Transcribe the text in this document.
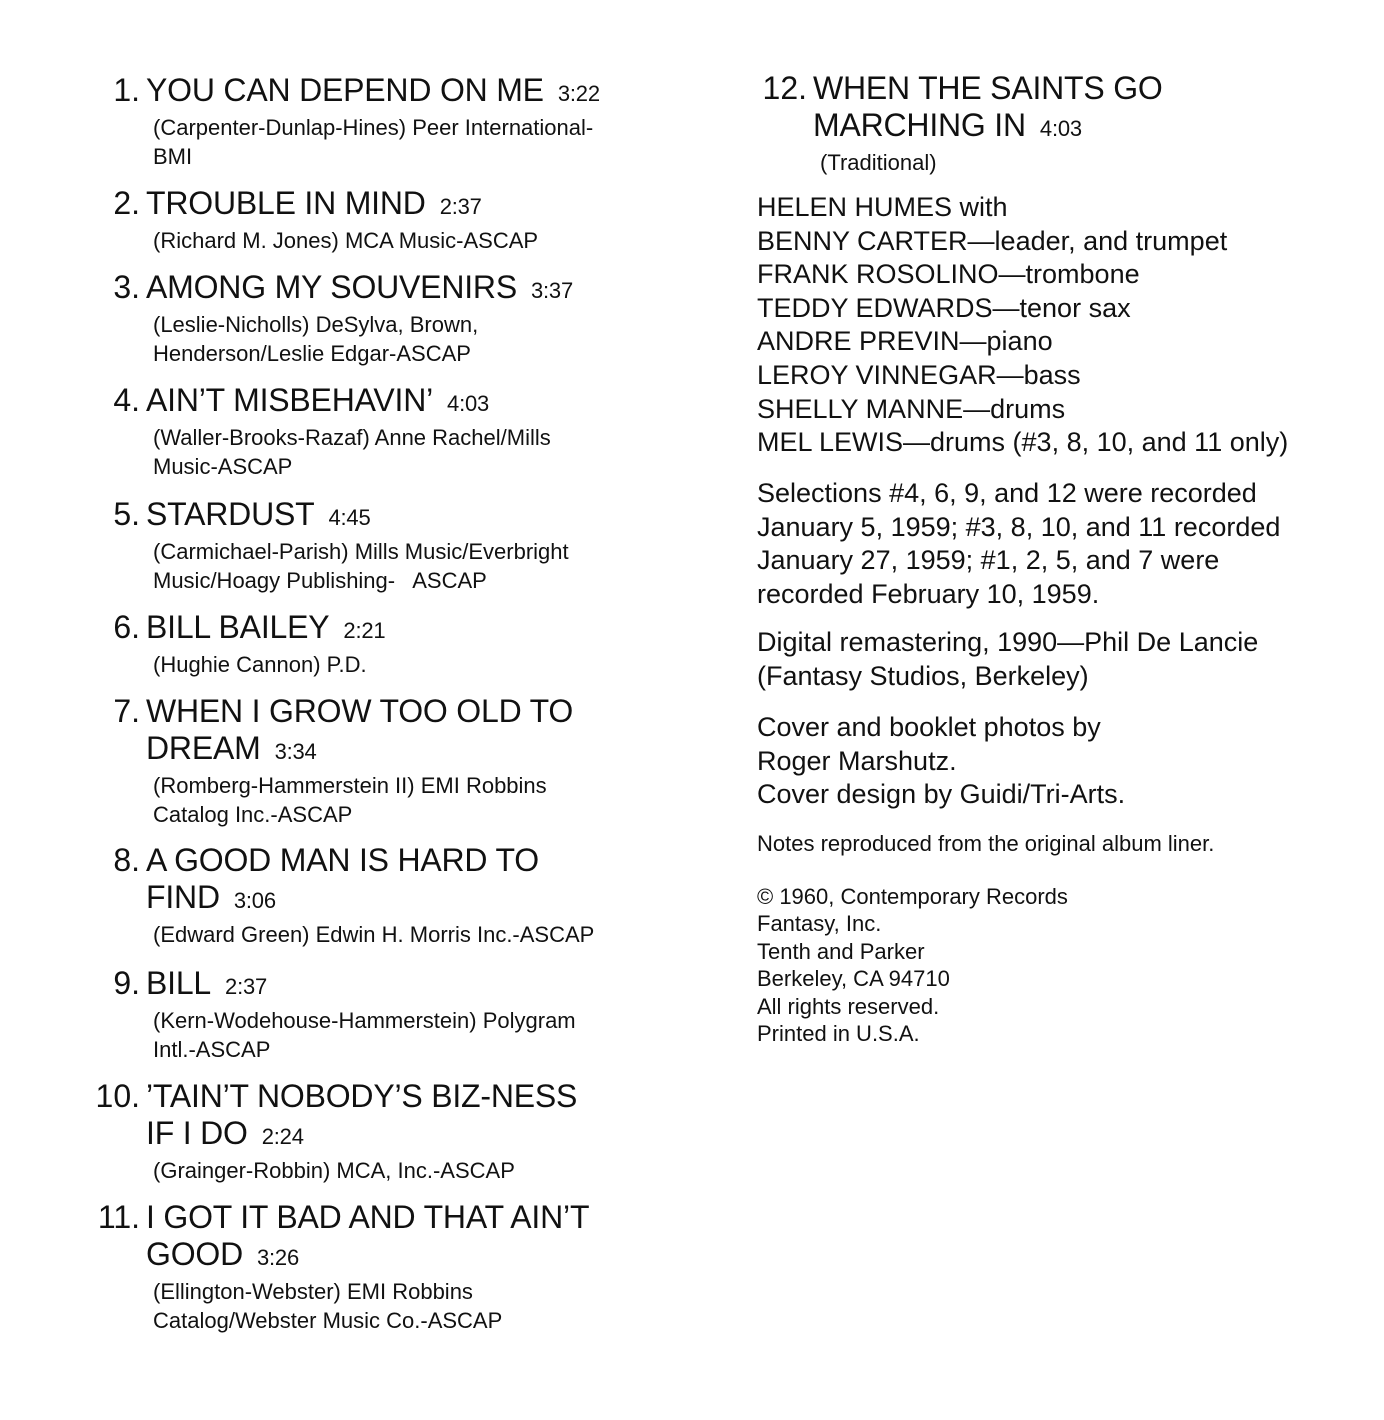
1. YOU CAN DEPEND ON ME 3:22
(Carpenter-Dunlap-Hines) Peer International-
BMI
2. TROUBLE IN MIND 2:37
(Richard M. Jones) MCA Music-ASCAP
3. AMONG MY SOUVENIRS 3:37
(Leslie-Nicholls) DeSylva, Brown,
Henderson/Leslie Edgar-ASCAP
4. AIN’T MISBEHAVIN’ 4:03
(Waller-Brooks-Razaf) Anne Rachel/Mills
Music-ASCAP
5. STARDUST 4:45
(Carmichael-Parish) Mills Music/Everbright
Music/Hoagy Publishing-   ASCAP
6. BILL BAILEY 2:21
(Hughie Cannon) P.D.
7. WHEN I GROW TOO OLD TO
DREAM 3:34
(Romberg-Hammerstein II) EMI Robbins
Catalog Inc.-ASCAP
8. A GOOD MAN IS HARD TO
FIND 3:06
(Edward Green) Edwin H. Morris Inc.-ASCAP
9. BILL 2:37
(Kern-Wodehouse-Hammerstein) Polygram
Intl.-ASCAP
10. ’TAIN’T NOBODY’S BIZ-NESS
IF I DO 2:24
(Grainger-Robbin) MCA, Inc.-ASCAP
11. I GOT IT BAD AND THAT AIN’T
GOOD 3:26
(Ellington-Webster) EMI Robbins
Catalog/Webster Music Co.-ASCAP
12. WHEN THE SAINTS GO
MARCHING IN 4:03
(Traditional)
HELEN HUMES with
BENNY CARTER—leader, and trumpet
FRANK ROSOLINO—trombone
TEDDY EDWARDS—tenor sax
ANDRE PREVIN—piano
LEROY VINNEGAR—bass
SHELLY MANNE—drums
MEL LEWIS—drums (#3, 8, 10, and 11 only)
Selections #4, 6, 9, and 12 were recorded
January 5, 1959; #3, 8, 10, and 11 recorded
January 27, 1959; #1, 2, 5, and 7 were
recorded February 10, 1959.
Digital remastering, 1990—Phil De Lancie
(Fantasy Studios, Berkeley)
Cover and booklet photos by
Roger Marshutz.
Cover design by Guidi/Tri-Arts.
Notes reproduced from the original album liner.
© 1960, Contemporary Records
Fantasy, Inc.
Tenth and Parker
Berkeley, CA 94710
All rights reserved.
Printed in U.S.A.
